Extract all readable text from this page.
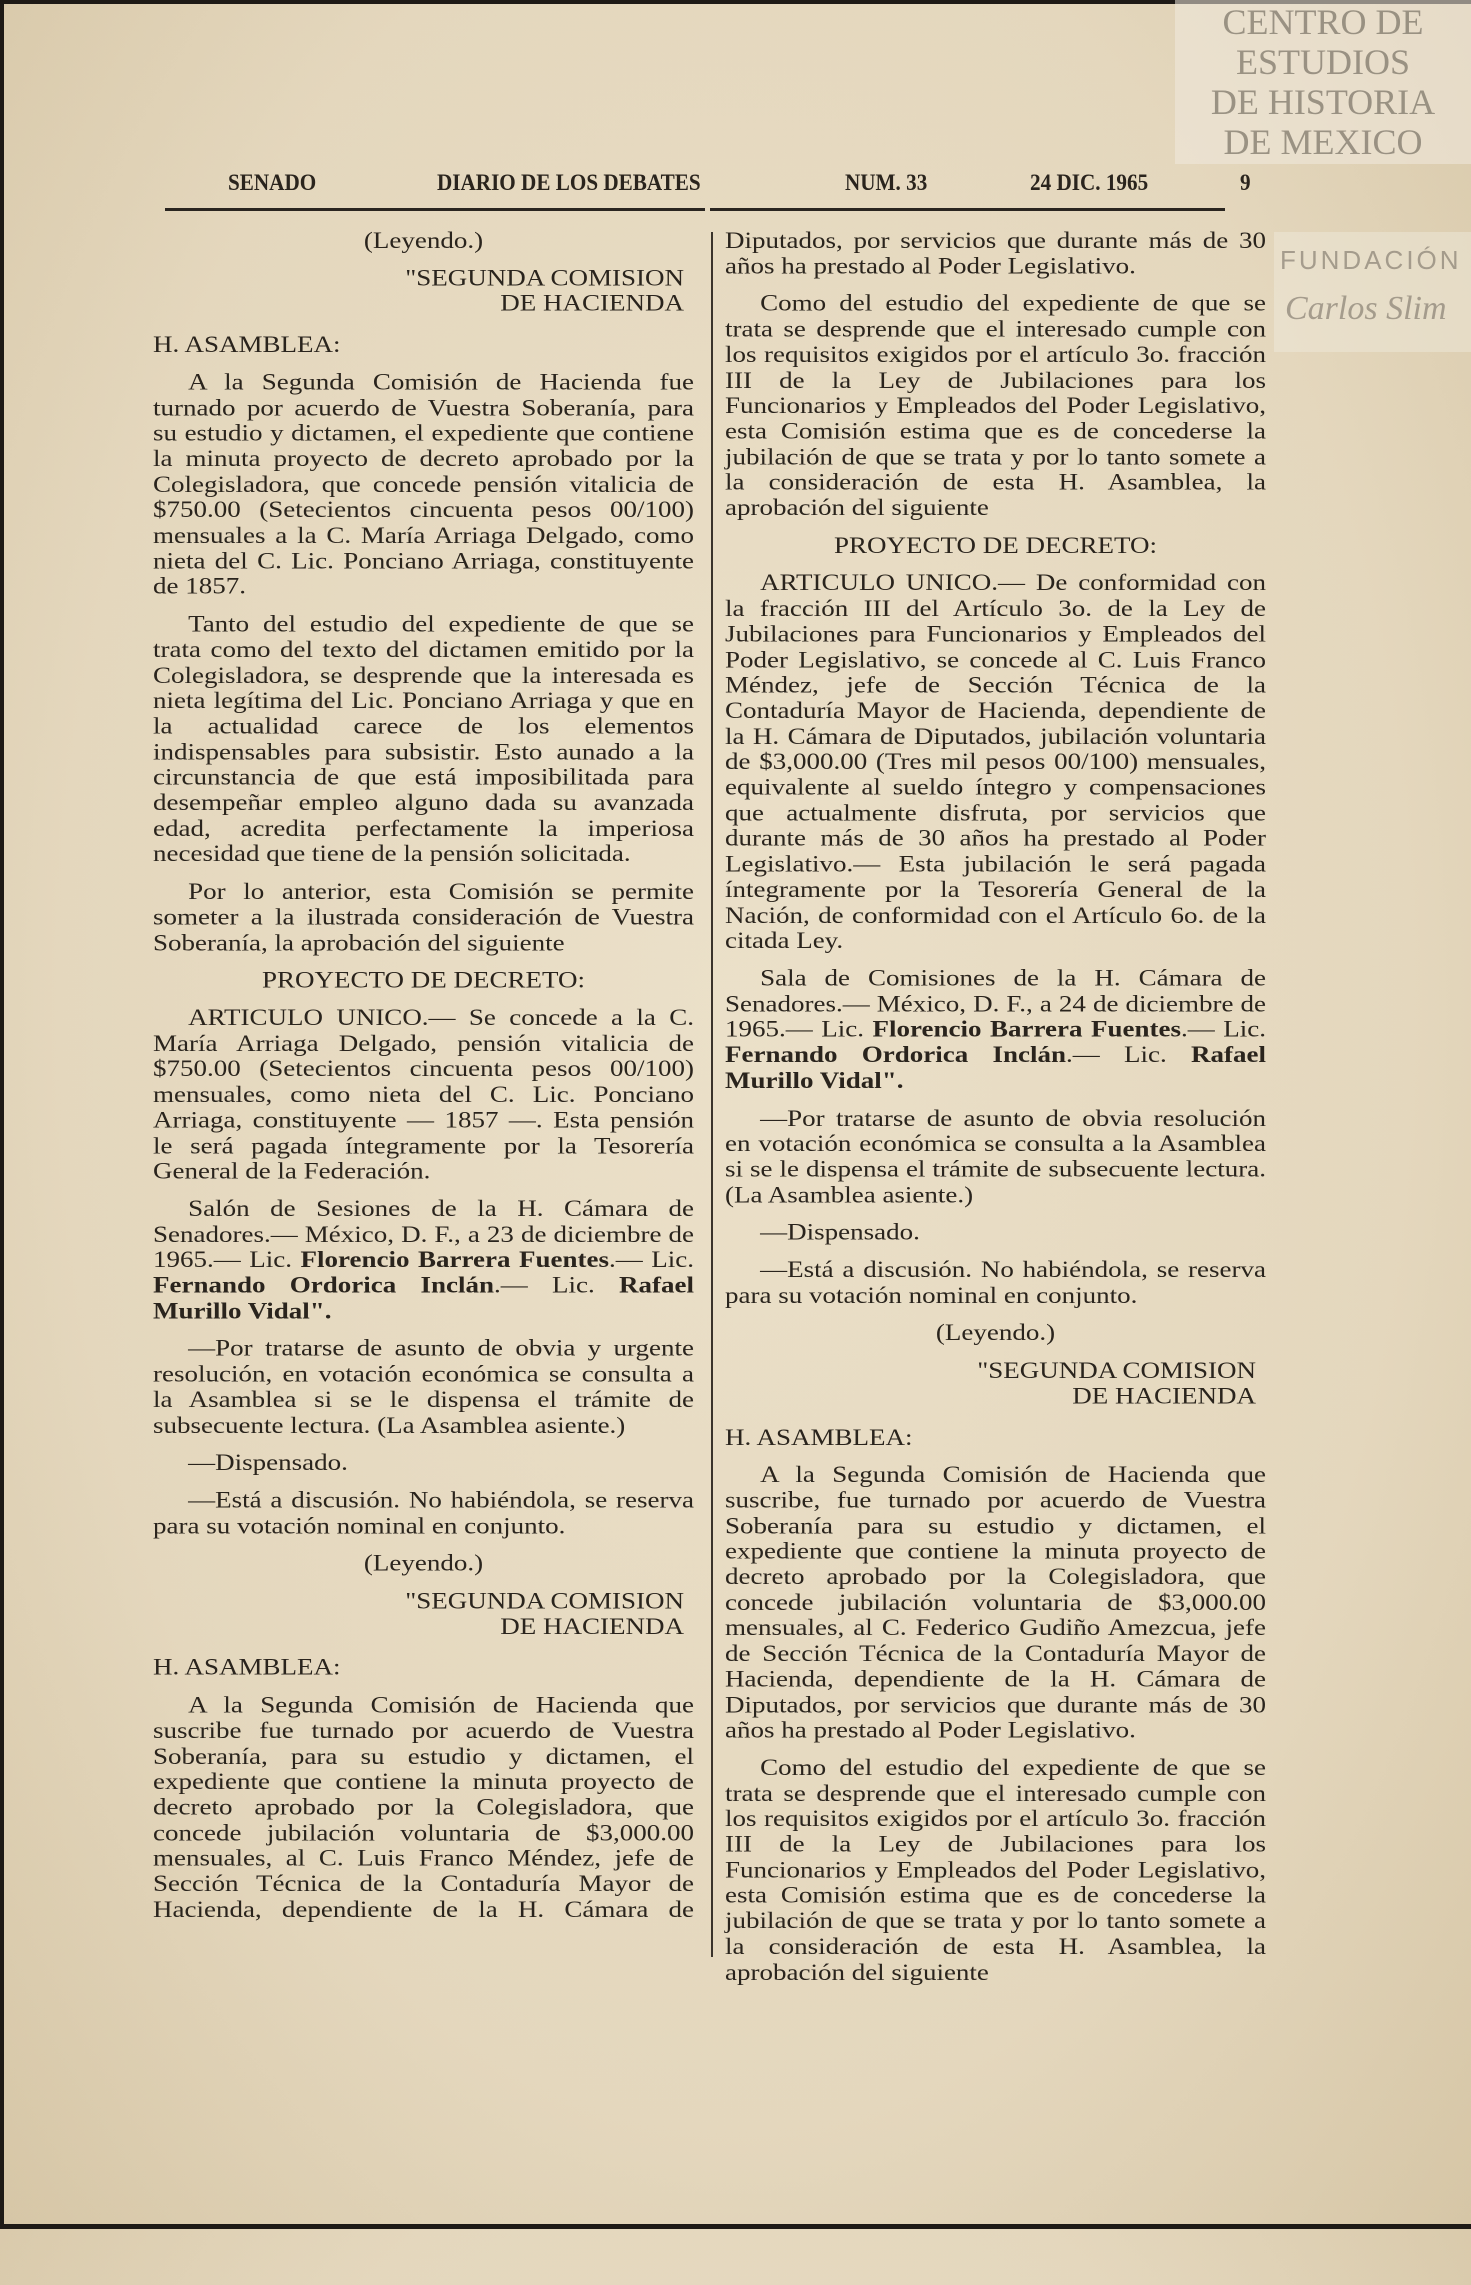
CENTRO DE
ESTUDIOS
DE HISTORIA
DE MEXICO
FUNDACIÓN
Carlos Slim
SENADO	DIARIO DE LOS DEBATES	NUM. 33	24 DIC. 1965	9

(Leyendo.)

"SEGUNDA COMISION

DE HACIENDA

H. ASAMBLEA:

A la Segunda Comisión de Hacienda fue turnado por acuerdo de Vuestra Soberanía, para su estudio y dictamen, el expediente que contiene la minuta proyecto de decreto aprobado por la Colegisladora, que concede pensión vitalicia de $750.00 (Setecientos cincuenta pesos 00/100) mensuales a la C. María Arriaga Delgado, como nieta del C. Lic. Ponciano Arriaga, constituyente de 1857.

Tanto del estudio del expediente de que se trata como del texto del dictamen emitido por la Colegisladora, se desprende que la interesada es nieta legítima del Lic. Ponciano Arriaga y que en la actualidad carece de los elementos indispensables para subsistir. Esto aunado a la circunstancia de que está imposibilitada para desempeñar empleo alguno dada su avanzada edad, acredita perfectamente la imperiosa necesidad que tiene de la pensión solicitada.

Por lo anterior, esta Comisión se permite someter a la ilustrada consideración de Vuestra Soberanía, la aprobación del siguiente

PROYECTO DE DECRETO:

ARTICULO UNICO.— Se concede a la C. María Arriaga Delgado, pensión vitalicia de $750.00 (Setecientos cincuenta pesos 00/100) mensuales, como nieta del C. Lic. Ponciano Arriaga, constituyente — 1857 —. Esta pensión le será pagada íntegramente por la Tesorería General de la Federación.

Salón de Sesiones de la H. Cámara de Senadores.— México, D. F., a 23 de diciembre de 1965.— Lic. Florencio Barrera Fuentes.— Lic. Fernando Ordorica Inclán.— Lic. Rafael Murillo Vidal".

—Por tratarse de asunto de obvia y urgente resolución, en votación económica se consulta a la Asamblea si se le dispensa el trámite de subsecuente lectura. (La Asamblea asiente.)

—Dispensado.

—Está a discusión. No habiéndola, se reserva para su votación nominal en conjunto.

(Leyendo.)

"SEGUNDA COMISION

DE HACIENDA

H. ASAMBLEA:

A la Segunda Comisión de Hacienda que suscribe fue turnado por acuerdo de Vuestra Soberanía, para su estudio y dictamen, el expediente que contiene la minuta proyecto de decreto aprobado por la Colegisladora, que concede jubilación voluntaria de $3,000.00 mensuales, al C. Luis Franco Méndez, jefe de Sección Técnica de la Contaduría Mayor de Hacienda, dependiente de la H. Cámara de

Diputados, por servicios que durante más de 30 años ha prestado al Poder Legislativo.

Como del estudio del expediente de que se trata se desprende que el interesado cumple con los requisitos exigidos por el artículo 3o. fracción III de la Ley de Jubilaciones para los Funcionarios y Empleados del Poder Legislativo, esta Comisión estima que es de concederse la jubilación de que se trata y por lo tanto somete a la consideración de esta H. Asamblea, la aprobación del siguiente

PROYECTO DE DECRETO:

ARTICULO UNICO.— De conformidad con la fracción III del Artículo 3o. de la Ley de Jubilaciones para Funcionarios y Empleados del Poder Legislativo, se concede al C. Luis Franco Méndez, jefe de Sección Técnica de la Contaduría Mayor de Hacienda, dependiente de la H. Cámara de Diputados, jubilación voluntaria de $3,000.00 (Tres mil pesos 00/100) mensuales, equivalente al sueldo íntegro y compensaciones que actualmente disfruta, por servicios que durante más de 30 años ha prestado al Poder Legislativo.— Esta jubilación le será pagada íntegramente por la Tesorería General de la Nación, de conformidad con el Artículo 6o. de la citada Ley.

Sala de Comisiones de la H. Cámara de Senadores.— México, D. F., a 24 de diciembre de 1965.— Lic. Florencio Barrera Fuentes.— Lic. Fernando Ordorica Inclán.— Lic. Rafael Murillo Vidal".

—Por tratarse de asunto de obvia resolución en votación económica se consulta a la Asamblea si se le dispensa el trámite de subsecuente lectura. (La Asamblea asiente.)

—Dispensado.

—Está a discusión. No habiéndola, se reserva para su votación nominal en conjunto.

(Leyendo.)

"SEGUNDA COMISION

DE HACIENDA

H. ASAMBLEA:

A la Segunda Comisión de Hacienda que suscribe, fue turnado por acuerdo de Vuestra Soberanía para su estudio y dictamen, el expediente que contiene la minuta proyecto de decreto aprobado por la Colegisladora, que concede jubilación voluntaria de $3,000.00 mensuales, al C. Federico Gudiño Amezcua, jefe de Sección Técnica de la Contaduría Mayor de Hacienda, dependiente de la H. Cámara de Diputados, por servicios que durante más de 30 años ha prestado al Poder Legislativo.

Como del estudio del expediente de que se trata se desprende que el interesado cumple con los requisitos exigidos por el artículo 3o. fracción III de la Ley de Jubilaciones para los Funcionarios y Empleados del Poder Legislativo, esta Comisión estima que es de concederse la jubilación de que se trata y por lo tanto somete a la consideración de esta H. Asamblea, la aprobación del siguiente
